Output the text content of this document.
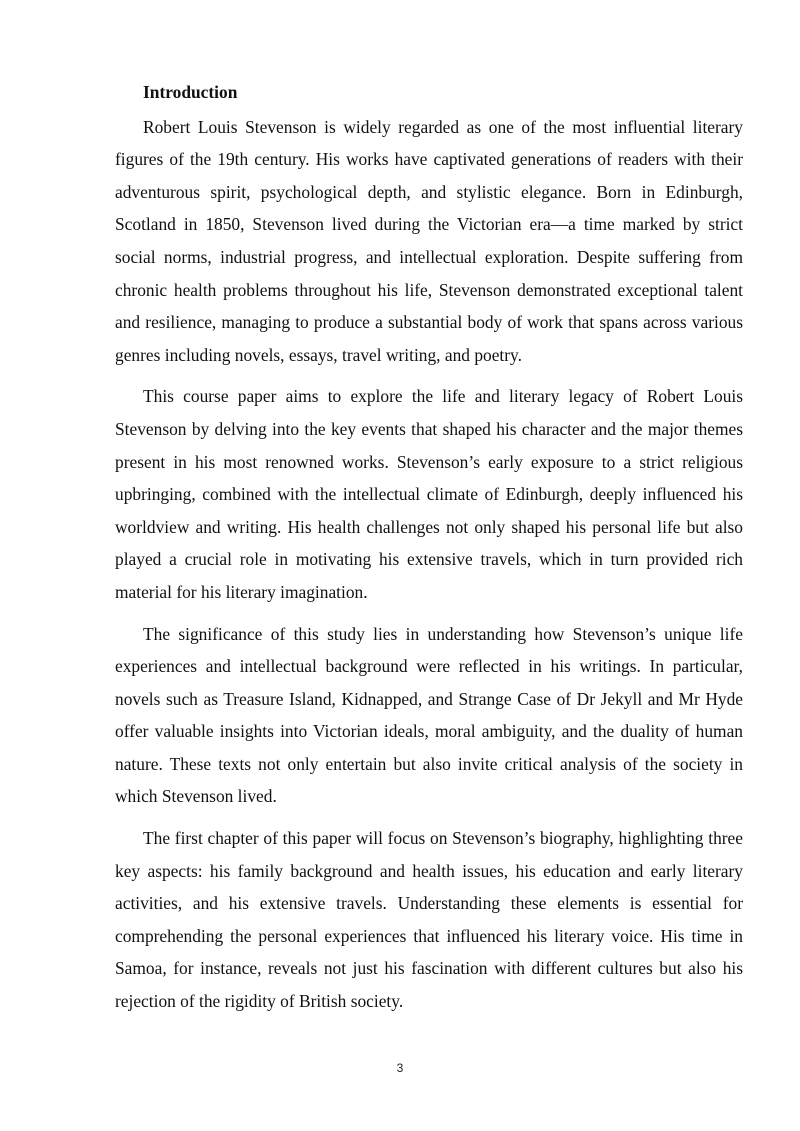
Introduction

Robert Louis Stevenson is widely regarded as one of the most influential literary figures of the 19th century. His works have captivated generations of readers with their adventurous spirit, psychological depth, and stylistic elegance. Born in Edinburgh, Scotland in 1850, Stevenson lived during the Victorian era—a time marked by strict social norms, industrial progress, and intellectual exploration. Despite suffering from chronic health problems throughout his life, Stevenson demonstrated exceptional talent and resilience, managing to produce a substantial body of work that spans across various genres including novels, essays, travel writing, and poetry.

This course paper aims to explore the life and literary legacy of Robert Louis Stevenson by delving into the key events that shaped his character and the major themes present in his most renowned works. Stevenson’s early exposure to a strict religious upbringing, combined with the intellectual climate of Edinburgh, deeply influenced his worldview and writing. His health challenges not only shaped his personal life but also played a crucial role in motivating his extensive travels, which in turn provided rich material for his literary imagination.

The significance of this study lies in understanding how Stevenson’s unique life experiences and intellectual background were reflected in his writings. In particular, novels such as Treasure Island, Kidnapped, and Strange Case of Dr Jekyll and Mr Hyde offer valuable insights into Victorian ideals, moral ambiguity, and the duality of human nature. These texts not only entertain but also invite critical analysis of the society in which Stevenson lived.

The first chapter of this paper will focus on Stevenson’s biography, highlighting three key aspects: his family background and health issues, his education and early literary activities, and his extensive travels. Understanding these elements is essential for comprehending the personal experiences that influenced his literary voice. His time in Samoa, for instance, reveals not just his fascination with different cultures but also his rejection of the rigidity of British society.

3
